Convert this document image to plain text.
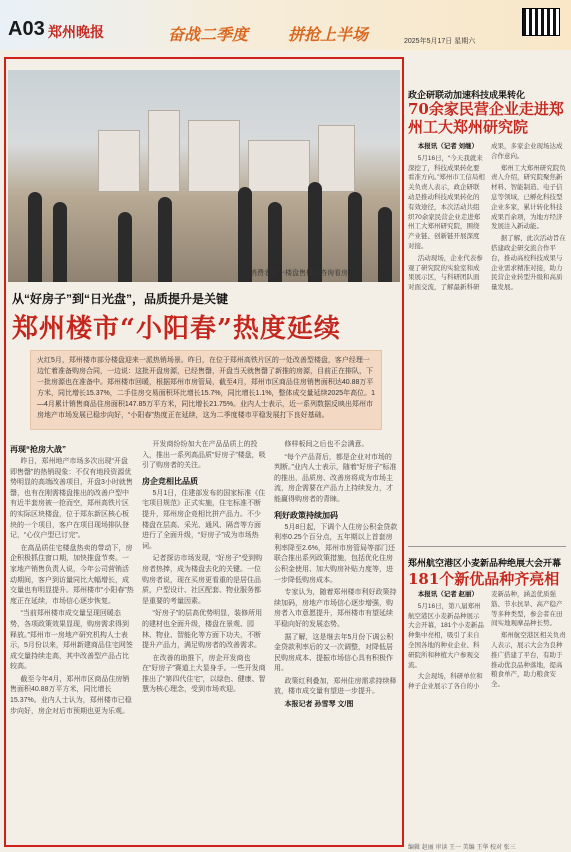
A03 郑州晚报	奋战二季度 拼抢上半场	2025年5月17日 星期六
消费者在一楼盘售楼部咨询看房
从“好房子”到“日光盘”，品质提升是关键
郑州楼市“小阳春”热度延续
火红5月，郑州楼市部分楼盘迎来一派热销场景。昨日，在位于郑州高铁片区的一处改善型楼盘，客户经理一边忙着准备购房合同，一边说：这批开盘房源，已经售罄，开盘当天就售罄了新推的房源，目前正在排队，下一批房源也在准备中。郑州楼市回暖，根据郑州市房管局，截至4月，郑州市区商品住房销售面积达40.88万平方米，同比增长15.37%，二手住房交易面积环比增长15.7%，同比增长1.1%，整体成交量延续2025年高位。1—4月累计销售商品住房面积147.85万平方米，同比增长21.75%。业内人士表示，近一系列数据反映出郑州市房地产市场发展已稳步向好，“小阳春”热度正在延续，这为二季度楼市平稳发展打下良好基础。
再现“抢房大战”

昨日，郑州地产市场多次出现“开盘即售罄”的热销现象：不仅有地段资源优势明显的高端改善项目，开盘3小时就售罄，也有在刚需楼盘推出的改善户型中有近半套房被一抢而空，郑州高铁片区的实际区块楼盘，位于郑东新区核心板块的一个项目，客户在项目现场排队登记，“心仪户型已订完”。

在高品质住宅楼盘热卖的带动下，房企积极抓住窗口期，加快推盘节奏。一家地产销售负责人说，今年公司营销活动期间，客户到访量同比大幅增长，成交量也有明显提升。郑州楼市“小阳春”热度正在延续，市场信心逐步恢复。

“当前郑州楼市成交量呈现回暖态势，各项政策效果显现，购房需求得到释放。”郑州市一房地产研究机构人士表示，5月份以来，郑州新建商品住宅网签成交量持续走高，其中改善型产品占比较高。

截至今年4月，郑州市区商品住房销售面积40.88万平方米，同比增长15.37%。业内人士认为，郑州楼市已稳步向好，房企对后市预期也更为乐观。

开发商纷纷加大在产品品质上的投入，推出一系列高品质“好房子”楼盘，吸引了购房者的关注。

房企竞相比品质

5月1日，住建部发布的国家标准《住宅项目规范》正式实施，住宅标准不断提升，郑州房企竞相比拼产品力。不少楼盘在层高、采光、通风、隔音等方面进行了全面升级，“好房子”成为市场热词。

记者探访市场发现，“好房子”受到购房者热捧，成为楼盘去化的关键。一位购房者说，现在买房更看重的是居住品质，户型设计、社区配套、物业服务都是重要的考量因素。

“好房子”的层高优势明显，装修所用的建材也全面升级，楼盘在景观、园林、物业、智能化等方面下功夫，不断提升产品力，满足购房者的改善需求。

在改善的助推下，房企开发商也在“好房子”赛道上大显身手。一些开发商推出了“第四代住宅”，以绿色、健康、智慧为核心理念，受到市场欢迎。

修样板间之后也不会满意。

“每个产品背后，都是企业对市场的判断。”业内人士表示，随着“好房子”标准的推出，品质房、改善房将成为市场主流，房企需要在产品力上持续发力，才能赢得购房者的青睐。

利好政策持续加码

5月8日起，下调个人住房公积金贷款利率0.25个百分点，五年期以上首套房利率降至2.6%，郑州市房管局等部门还联合推出系列政策措施，包括优化住房公积金使用、加大购房补贴力度等，进一步降低购房成本。

专家认为，随着郑州楼市利好政策持续加码，房地产市场信心逐步增强，购房者入市意愿提升，郑州楼市有望延续平稳向好的发展态势。

据了解，这是继去年5月份下调公积金贷款利率后的又一次调整，对降低居民购房成本、提振市场信心具有积极作用。

政策红利叠加，郑州住房需求持续释放，楼市成交量有望进一步提升。

本报记者 孙雪琴 文/图

政企研联动加速科技成果转化
70余家民营企业走进郑州工大郑州研究院

本报讯（记者 刘继）

5月16日，“今天我就来深挖了，科技成果转化要看准方向。”郑州市工信局相关负责人表示，政企研联动是推动科技成果转化的有效途径，本次活动共组织70余家民营企业走进郑州工大郑州研究院，围绕产业链、创新链开展深度对接。

活动现场，企业代表参观了研究院的实验室和成果展示区，与科研团队面对面交流，了解最新科研成果，多家企业现场达成合作意向。

郑州工大郑州研究院负责人介绍，研究院聚焦新材料、智能制造、电子信息等领域，已孵化科技型企业多家，累计转化科技成果百余项，为地方经济发展注入新动能。

据了解，此次活动旨在搭建政企研交流合作平台，推动高校科技成果与企业需求精准对接，助力民营企业转型升级和高质量发展。

郑州航空港区小麦新品种绝展大会开幕
181个新优品种齐亮相

本报讯（记者 赵丽）

5月16日，第八届郑州航空港区小麦新品种展示大会开幕，181个小麦新品种集中亮相，吸引了来自全国各地的种业企业、科研院所和种植大户参观交流。

大会现场，科研单位和种子企业展示了各自的小麦新品种，涵盖优质强筋、节水抗旱、高产稳产等多种类型，参会者在田间实地观摩品种长势。

郑州航空港区相关负责人表示，展示大会为良种推广搭建了平台，有助于推动优良品种落地，提高粮食单产，助力粮食安全。

编辑 赵丽 审读 王一 美编 王华 校对 张三
